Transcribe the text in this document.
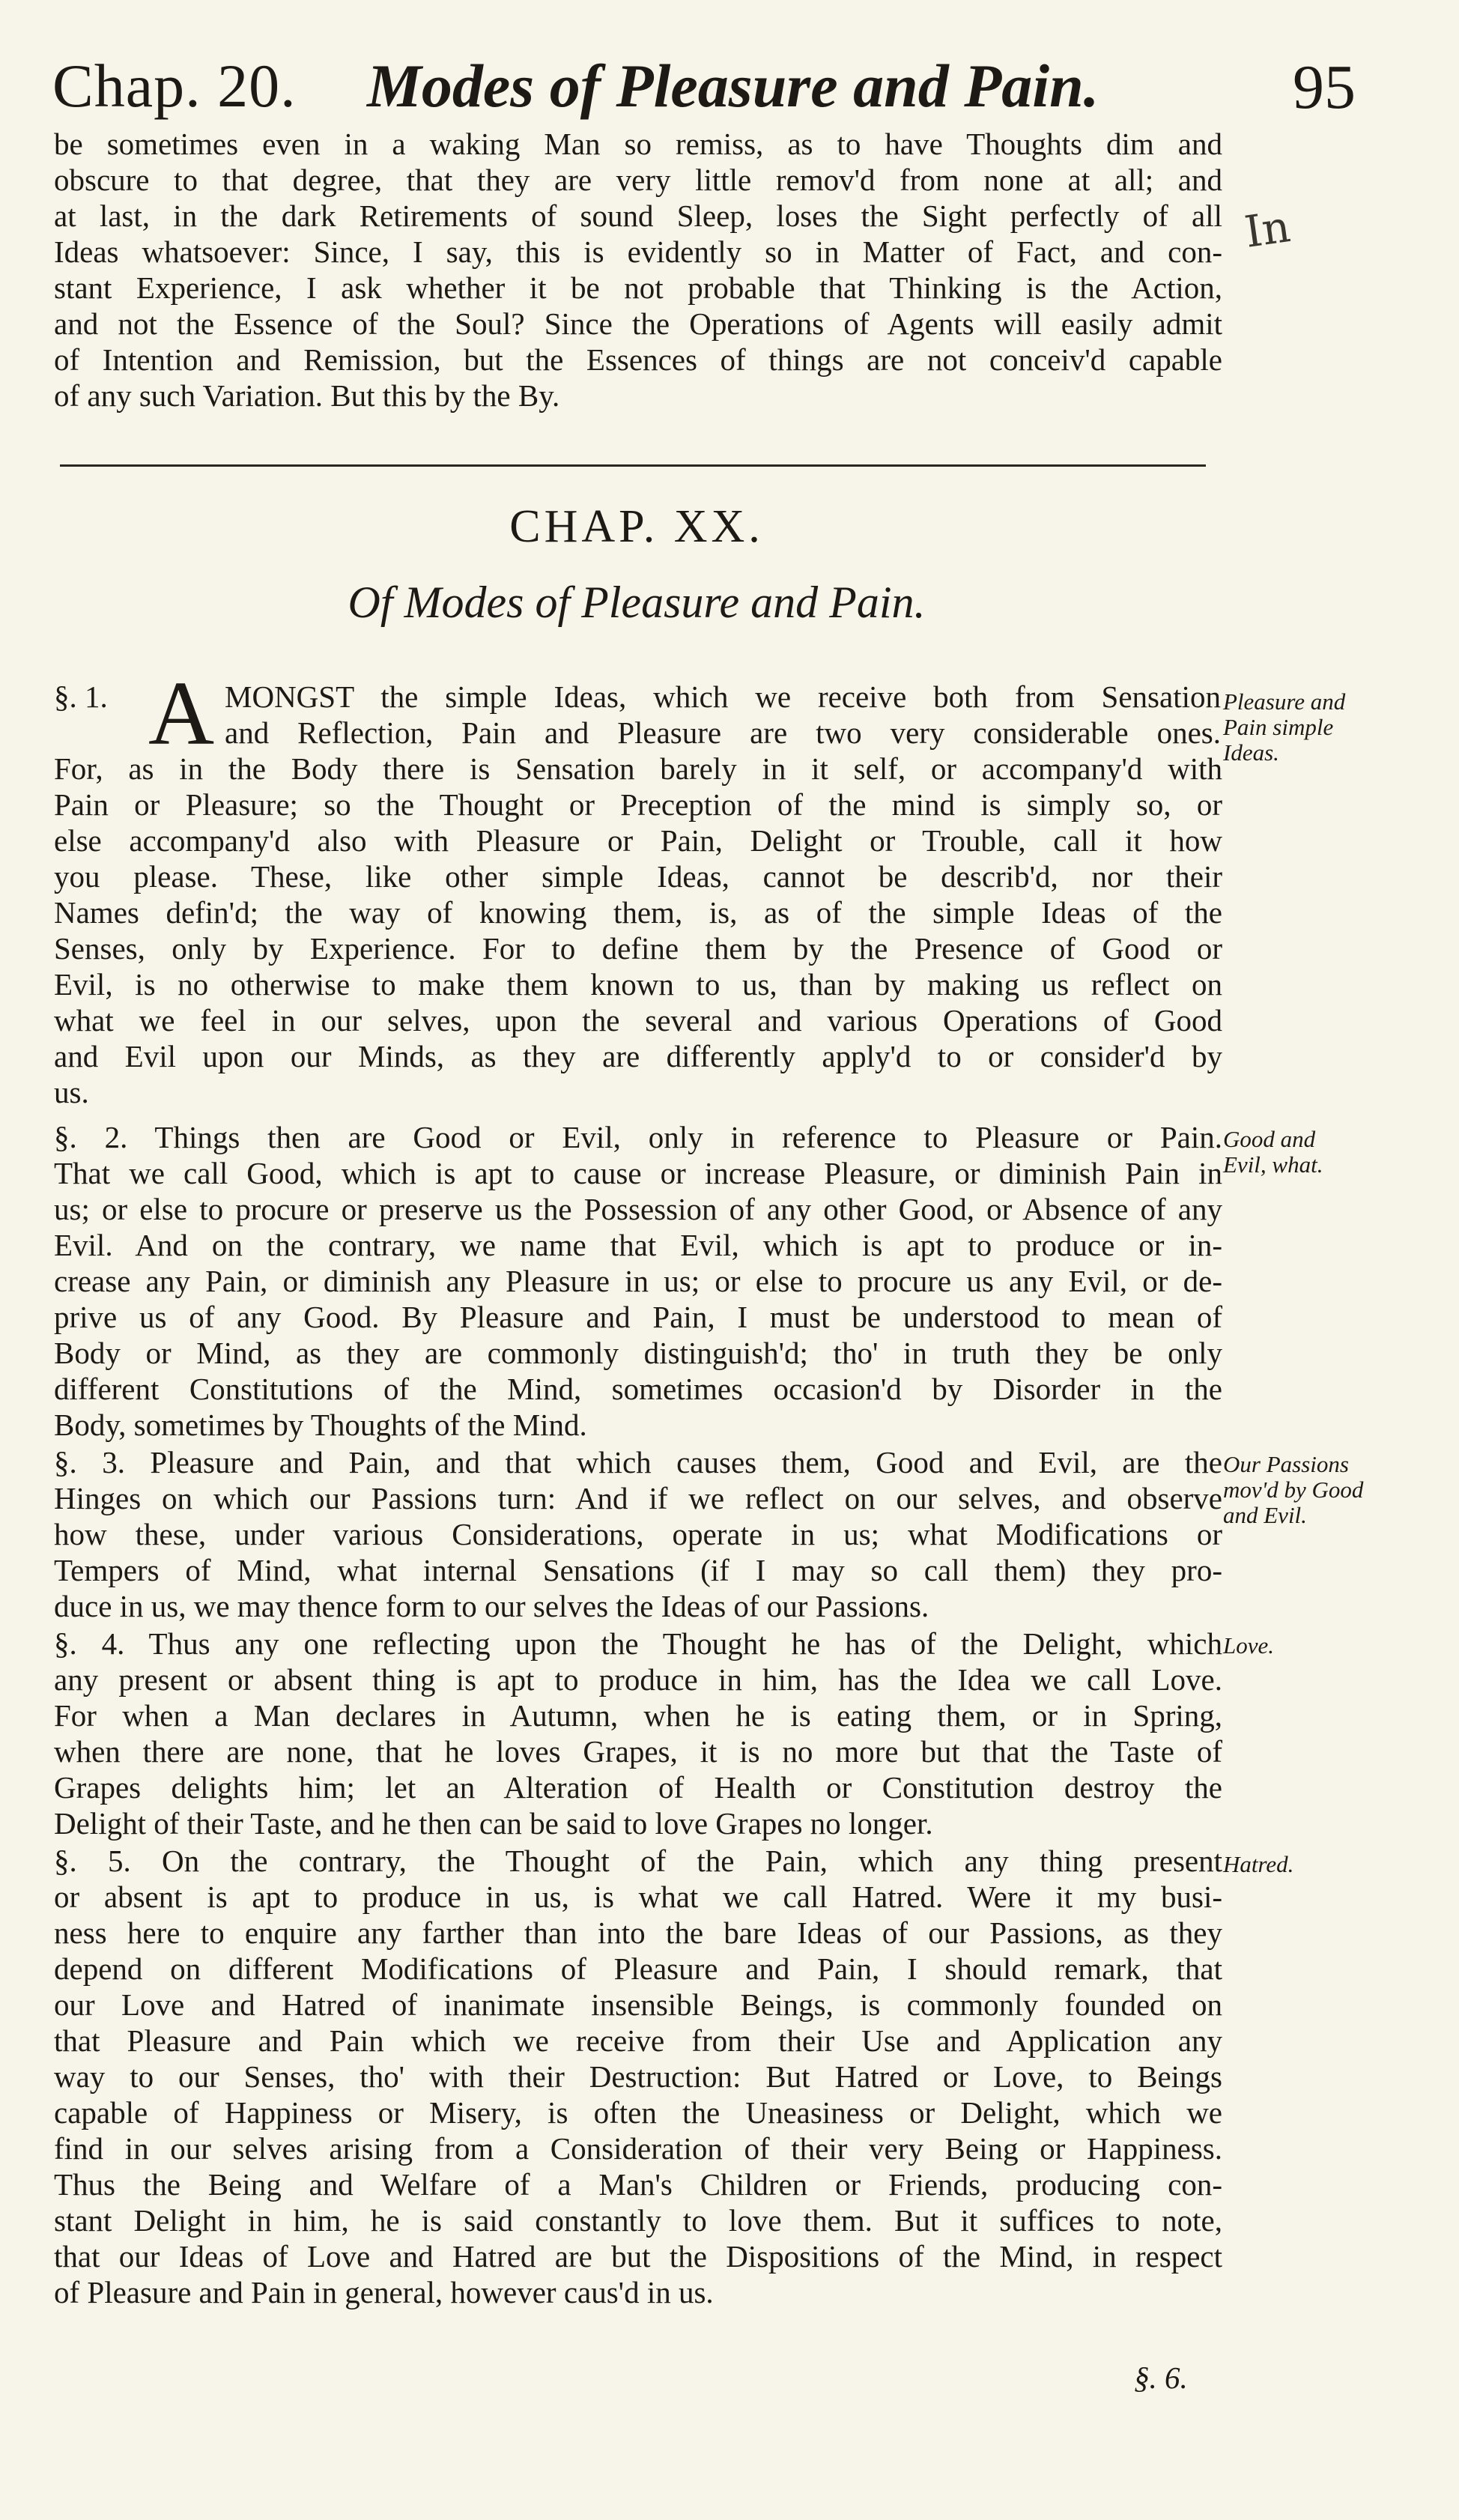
Chap. 20. Modes of Pleasure and Pain.	95
be sometimes even in a waking Man so remiss, as to have Thoughts dim and
obscure to that degree, that they are very little remov'd from none at all; and
at last, in the dark Retirements of sound Sleep, loses the Sight perfectly of all
Ideas whatsoever: Since, I say, this is evidently so in Matter of Fact, and con-
stant Experience, I ask whether it be not probable that Thinking is the Action,
and not the Essence of the Soul? Since the Operations of Agents will easily admit
of Intention and Remission, but the Essences of things are not conceiv'd capable
of any such Variation. But this by the By.
In
CHAP. XX.
Of Modes of Pleasure and Pain.
§. 1. A MONGST the simple Ideas, which we receive both from Sensation
and Reflection, Pain and Pleasure are two very considerable ones.
For, as in the Body there is Sensation barely in it self, or accompany'd with
Pain or Pleasure; so the Thought or Preception of the mind is simply so, or
else accompany'd also with Pleasure or Pain, Delight or Trouble, call it how
you please. These, like other simple Ideas, cannot be describ'd, nor their
Names defin'd; the way of knowing them, is, as of the simple Ideas of the
Senses, only by Experience. For to define them by the Presence of Good or
Evil, is no otherwise to make them known to us, than by making us reflect on
what we feel in our selves, upon the several and various Operations of Good
and Evil upon our Minds, as they are differently apply'd to or consider'd by
us.
Pleasure and
Pain simple
Ideas.
§. 2. Things then are Good or Evil, only in reference to Pleasure or Pain.
That we call Good, which is apt to cause or increase Pleasure, or diminish Pain in
us; or else to procure or preserve us the Possession of any other Good, or Absence of any
Evil. And on the contrary, we name that Evil, which is apt to produce or in-
crease any Pain, or diminish any Pleasure in us; or else to procure us any Evil, or de-
prive us of any Good. By Pleasure and Pain, I must be understood to mean of
Body or Mind, as they are commonly distinguish'd; tho' in truth they be only
different Constitutions of the Mind, sometimes occasion'd by Disorder in the
Body, sometimes by Thoughts of the Mind.
Good and
Evil, what.
§. 3. Pleasure and Pain, and that which causes them, Good and Evil, are the
Hinges on which our Passions turn: And if we reflect on our selves, and observe
how these, under various Considerations, operate in us; what Modifications or
Tempers of Mind, what internal Sensations (if I may so call them) they pro-
duce in us, we may thence form to our selves the Ideas of our Passions.
Our Passions
mov'd by Good
and Evil.
§. 4. Thus any one reflecting upon the Thought he has of the Delight, which
any present or absent thing is apt to produce in him, has the Idea we call Love.
For when a Man declares in Autumn, when he is eating them, or in Spring,
when there are none, that he loves Grapes, it is no more but that the Taste of
Grapes delights him; let an Alteration of Health or Constitution destroy the
Delight of their Taste, and he then can be said to love Grapes no longer.
Love.
§. 5. On the contrary, the Thought of the Pain, which any thing present
or absent is apt to produce in us, is what we call Hatred. Were it my busi-
ness here to enquire any farther than into the bare Ideas of our Passions, as they
depend on different Modifications of Pleasure and Pain, I should remark, that
our Love and Hatred of inanimate insensible Beings, is commonly founded on
that Pleasure and Pain which we receive from their Use and Application any
way to our Senses, tho' with their Destruction: But Hatred or Love, to Beings
capable of Happiness or Misery, is often the Uneasiness or Delight, which we
find in our selves arising from a Consideration of their very Being or Happiness.
Thus the Being and Welfare of a Man's Children or Friends, producing con-
stant Delight in him, he is said constantly to love them. But it suffices to note,
that our Ideas of Love and Hatred are but the Dispositions of the Mind, in respect
of Pleasure and Pain in general, however caus'd in us.
Hatred.
§. 6.
